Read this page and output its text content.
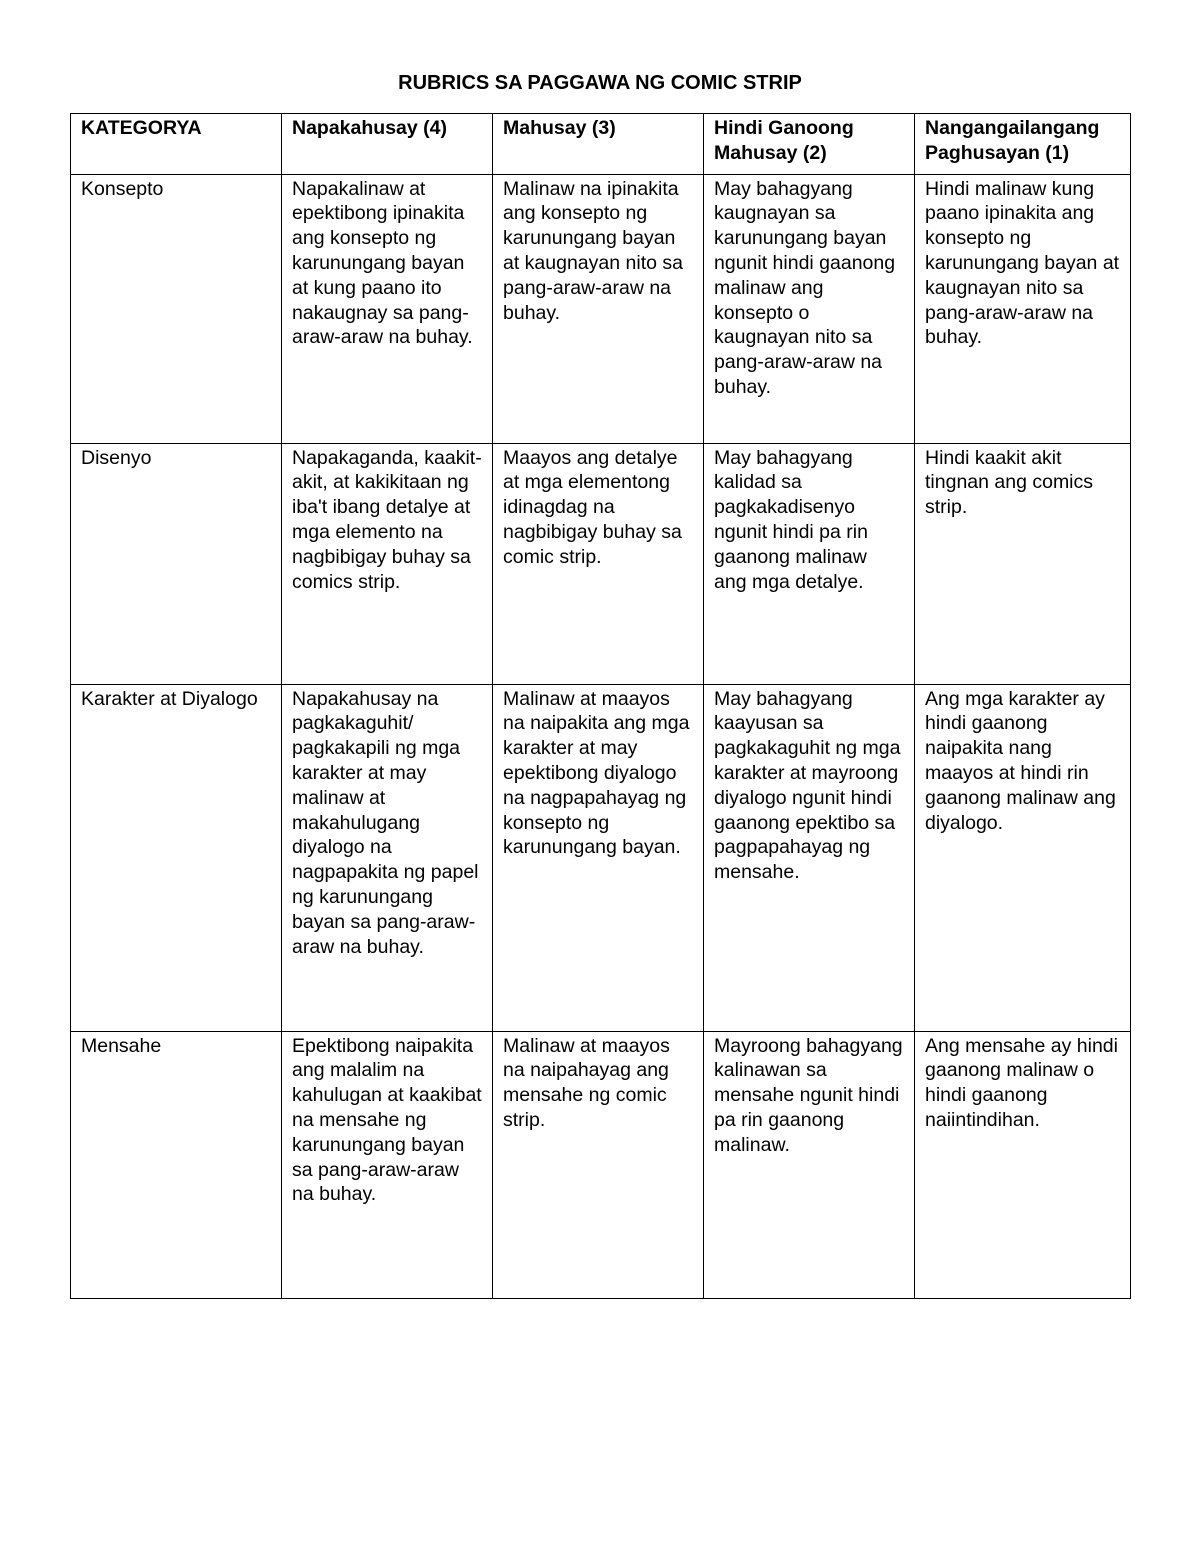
RUBRICS SA PAGGAWA NG COMIC STRIP
KATEGORYA	Napakahusay (4)	Mahusay (3)	Hindi Ganoong Mahusay (2)	Nangangailangang Paghusayan (1)
Konsepto	Napakalinaw at epektibong ipinakita ang konsepto ng karunungang bayan at kung paano ito nakaugnay sa pang-araw-araw na buhay.	Malinaw na ipinakita ang konsepto ng karunungang bayan at kaugnayan nito sa pang-araw-araw na buhay.	May bahagyang kaugnayan sa karunungang bayan ngunit hindi gaanong malinaw ang konsepto o kaugnayan nito sa pang-araw-araw na buhay.	Hindi malinaw kung paano ipinakita ang konsepto ng karunungang bayan at kaugnayan nito sa pang-araw-araw na buhay.
Disenyo	Napakaganda, kaakit-akit, at kakikitaan ng iba't ibang detalye at mga elemento na nagbibigay buhay sa comics strip.	Maayos ang detalye at mga elementong idinagdag na nagbibigay buhay sa comic strip.	May bahagyang kalidad sa pagkakadisenyo ngunit hindi pa rin gaanong malinaw ang mga detalye.	Hindi kaakit akit tingnan ang comics strip.
Karakter at Diyalogo	Napakahusay na pagkakaguhit/ pagkakapili ng mga karakter at may malinaw at makahulugang diyalogo na nagpapakita ng papel ng karunungang bayan sa pang-araw-araw na buhay.	Malinaw at maayos na naipakita ang mga karakter at may epektibong diyalogo na nagpapahayag ng konsepto ng karunungang bayan.	May bahagyang kaayusan sa pagkakaguhit ng mga karakter at mayroong diyalogo ngunit hindi gaanong epektibo sa pagpapahayag ng mensahe.	Ang mga karakter ay hindi gaanong naipakita nang maayos at hindi rin gaanong malinaw ang diyalogo.
Mensahe	Epektibong naipakita ang malalim na kahulugan at kaakibat na mensahe ng karunungang bayan sa pang-araw-araw na buhay.	Malinaw at maayos na naipahayag ang mensahe ng comic strip.	Mayroong bahagyang kalinawan sa mensahe ngunit hindi pa rin gaanong malinaw.	Ang mensahe ay hindi gaanong malinaw o hindi gaanong naiintindihan.
